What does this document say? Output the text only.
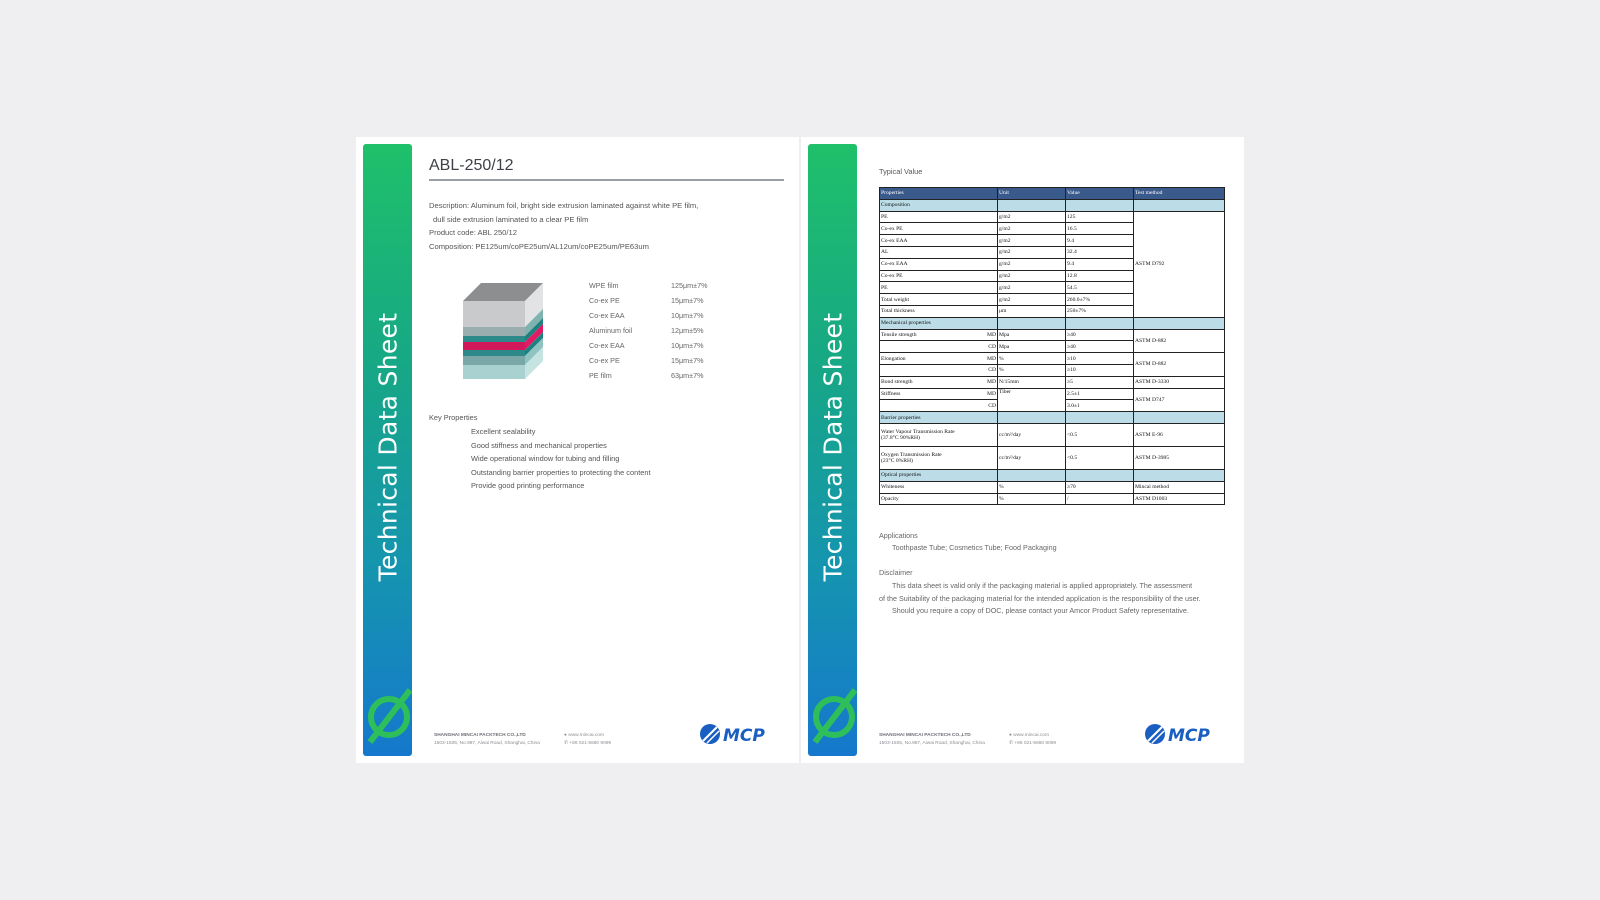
Technical Data Sheet
ABL-250/12
Description: Aluminum foil, bright side extrusion laminated against white PE film,
dull side extrusion laminated to a clear PE film
Product code: ABL 250/12
Composition: PE125um/coPE25um/AL12um/coPE25um/PE63um
WPE film	125μm±7%
Co-ex PE	15μm±7%
Co-ex EAA	10μm±7%
Aluminum foil	12μm±5%
Co-ex EAA	10μm±7%
Co-ex PE	15μm±7%
PE film	63μm±7%
Key Properties
Excellent sealability
Good stiffness and mechanical properties
Wide operational window for tubing and filling
Outstanding barrier properties to protecting the content
Provide good printing performance
SHANGHAI MINCAI PACKTECH CO.,LTD
1503-1505, No.987, Aiwai Road, Shanghai, China
● www.mincai.com
✆ +86 021-5660 9099	MCP
Technical Data Sheet
Typical Value
Properties	Unit	Value	Test method
Composition			
PE	g/m2	125	ASTM D792
Co-ex PE	g/m2	16.5	
Co-ex EAA	g/m2	9.4	
AL	g/m2	32.4	
Co-ex EAA	g/m2	9.4	
Co-ex PE	g/m2	12.8	
PE	g/m2	54.5	
Total weight	g/m2	260.0±7%	
Total thickness	μm	250±7%	
Mechanical properties			
Tensile strength MD	Mpa	≥40	ASTM D-882

CD	Mpa	≥40	
Elongation MD	%	≥10	ASTM D-882

CD	%	≥10	
Bond strength MD	N/15mm	≥5	ASTM D-3330
Stiffness MD	Tiber	2.5±1	ASTM D747

CD		3.0±1	
Barrier properties			

Water Vapour Transmission Rate
(37.8°C 90%RH)	cc/m²/day	<0.5	ASTM E-96

Oxygen Transmission Rate
(23°C 0%RH)	cc/m²/day	<0.5	ASTM D-3985
Optical properties			
Whiteness	%	≥70	Mincai method
Opacity	%	/	ASTM D1003
Applications
Toothpaste Tube; Cosmetics Tube; Food Packaging
Disclaimer
This data sheet is valid only if the packaging material is applied appropriately. The assessment
of the Suitability of the packaging material for the intended application is the responsibility of the user.
Should you require a copy of DOC, please contact your Amcor Product Safety representative.
SHANGHAI MINCAI PACKTECH CO.,LTD
1503-1505, No.987, Aiwai Road, Shanghai, China
● www.mincai.com
✆ +86 021-5660 9099	MCP
